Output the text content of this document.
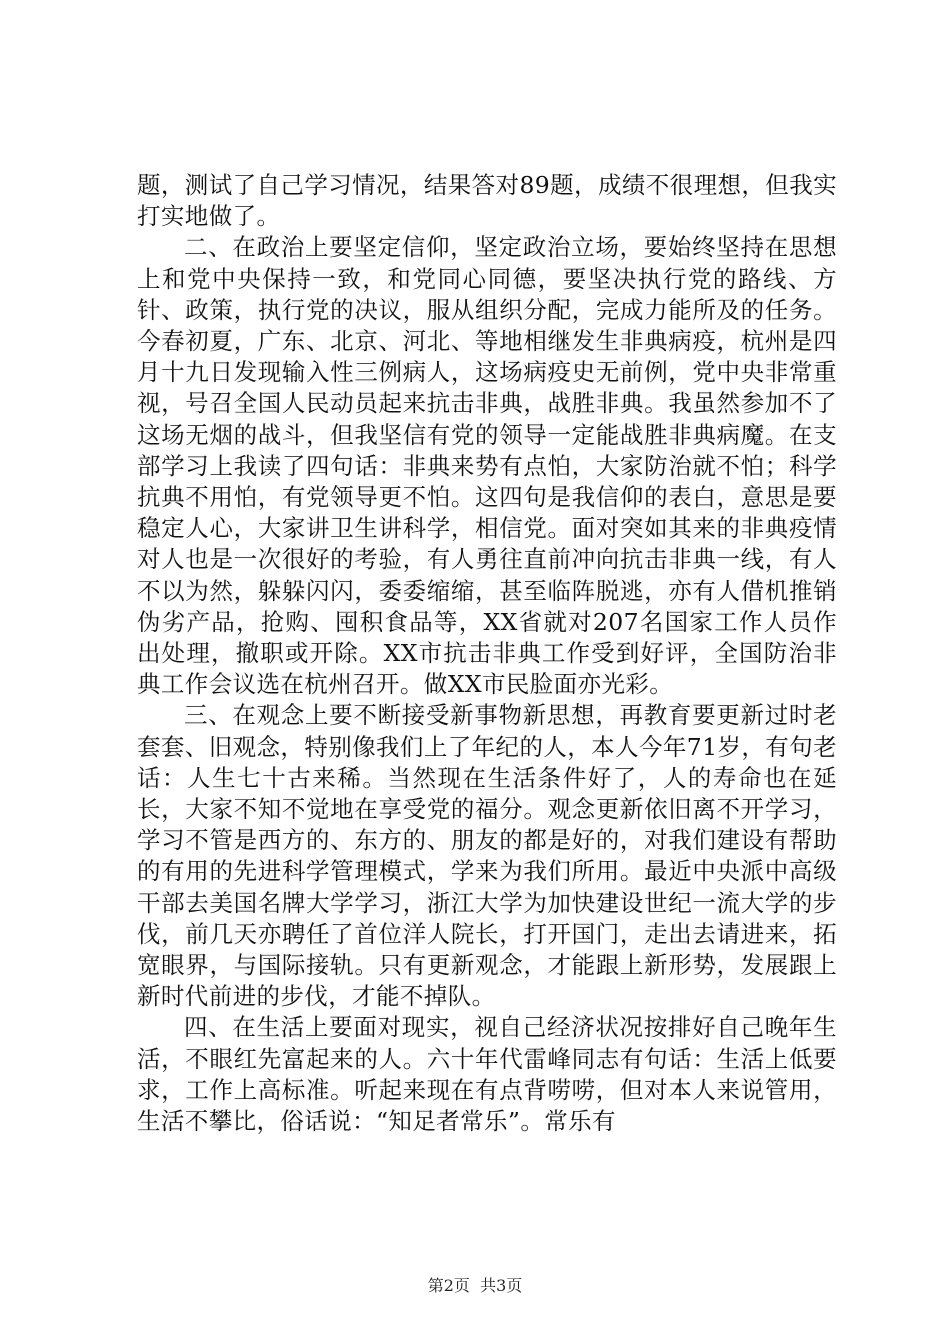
题，测试了自己学习情况，结果答对89题，成绩不很理想，但我实打实地做了。

二、在政治上要坚定信仰，坚定政治立场，要始终坚持在思想上和党中央保持一致，和党同心同德，要坚决执行党的路线、方针、政策，执行党的决议，服从组织分配，完成力能所及的任务。今春初夏，广东、北京、河北、等地相继发生非典病疫，杭州是四月十九日发现输入性三例病人，这场病疫史无前例，党中央非常重视，号召全国人民动员起来抗击非典，战胜非典。我虽然参加不了这场无烟的战斗，但我坚信有党的领导一定能战胜非典病魔。在支部学习上我读了四句话：非典来势有点怕，大家防治就不怕；科学抗典不用怕，有党领导更不怕。这四句是我信仰的表白，意思是要稳定人心，大家讲卫生讲科学，相信党。面对突如其来的非典疫情对人也是一次很好的考验，有人勇往直前冲向抗击非典一线，有人不以为然，躲躲闪闪，委委缩缩，甚至临阵脱逃，亦有人借机推销伪劣产品，抢购、囤积食品等，XX省就对207名国家工作人员作出处理，撤职或开除。XX市抗击非典工作受到好评，全国防治非典工作会议选在杭州召开。做XX市民脸面亦光彩。

三、在观念上要不断接受新事物新思想，再教育要更新过时老套套、旧观念，特别像我们上了年纪的人，本人今年71岁，有句老话：人生七十古来稀。当然现在生活条件好了，人的寿命也在延长，大家不知不觉地在享受党的福分。观念更新依旧离不开学习，学习不管是西方的、东方的、朋友的都是好的，对我们建设有帮助的有用的先进科学管理模式，学来为我们所用。最近中央派中高级干部去美国名牌大学学习，浙江大学为加快建设世纪一流大学的步伐，前几天亦聘任了首位洋人院长，打开国门，走出去请进来，拓宽眼界，与国际接轨。只有更新观念，才能跟上新形势，发展跟上新时代前进的步伐，才能不掉队。

四、在生活上要面对现实，视自己经济状况按排好自己晚年生活，不眼红先富起来的人。六十年代雷峰同志有句话：生活上低要求，工作上高标准。听起来现在有点背唠唠，但对本人来说管用，生活不攀比，俗话说：“知足者常乐”。常乐有

第2页  共3页
